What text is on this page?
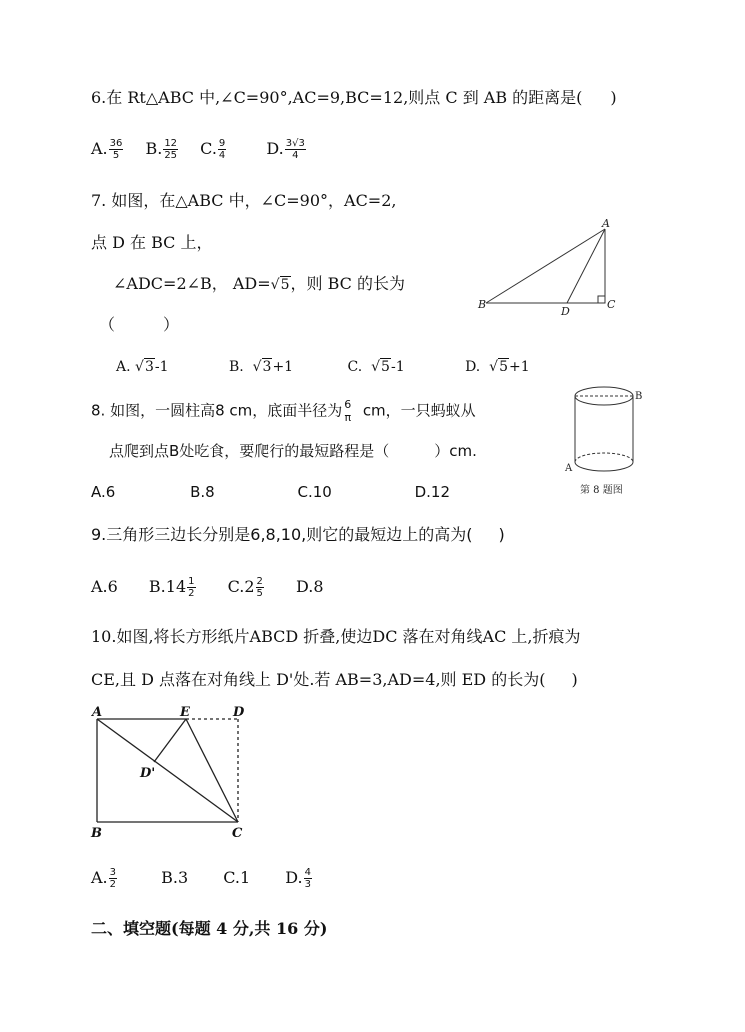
6.在 Rt△ABC 中,∠C=90°,AC=9,BC=12,则点 C 到 AB 的距离是( )
A. $\frac{36}{5} B$. $\frac{12}{25} C$. $\frac{9}{4}$	D. $\frac{3√3}{4}$
7. 如图，在△ABC 中，∠C=90°，AC=2,
点 D 在 BC 上，
∠ADC=2∠B， AD=√5，则 BC 的长为
（　　　）
A. √3-1	B. √3+1	C. √5-1	D. √5+1
A
B	C
D
8. 如图，一圆柱高8 cm，底面半径为 6
π cm，一只蚂蚁从
点爬到点B处吃食，要爬行的最短路程是（　　　）cm.
A.6	B.8	C.10	D.12
B
A
第 8 题图
9.三角形三边长分别是6,8,10,则它的最短边上的高为( )
A.6 $B.14 \frac{1}{2} C.2 \frac{2}{5} D.8$
10.如图,将长方形纸片ABCD 折叠,使边DC 落在对角线AC 上,折痕为
CE,且 D 点落在对角线上 D'处.若 AB=3,AD=4,则 ED 的长为( )
A	E	D
D'
B	C
A. $\frac{3}{2}$	B.3 C.1 D. $\frac{4}{3}$
二、填空题(每题 4 分,共 16 分)
